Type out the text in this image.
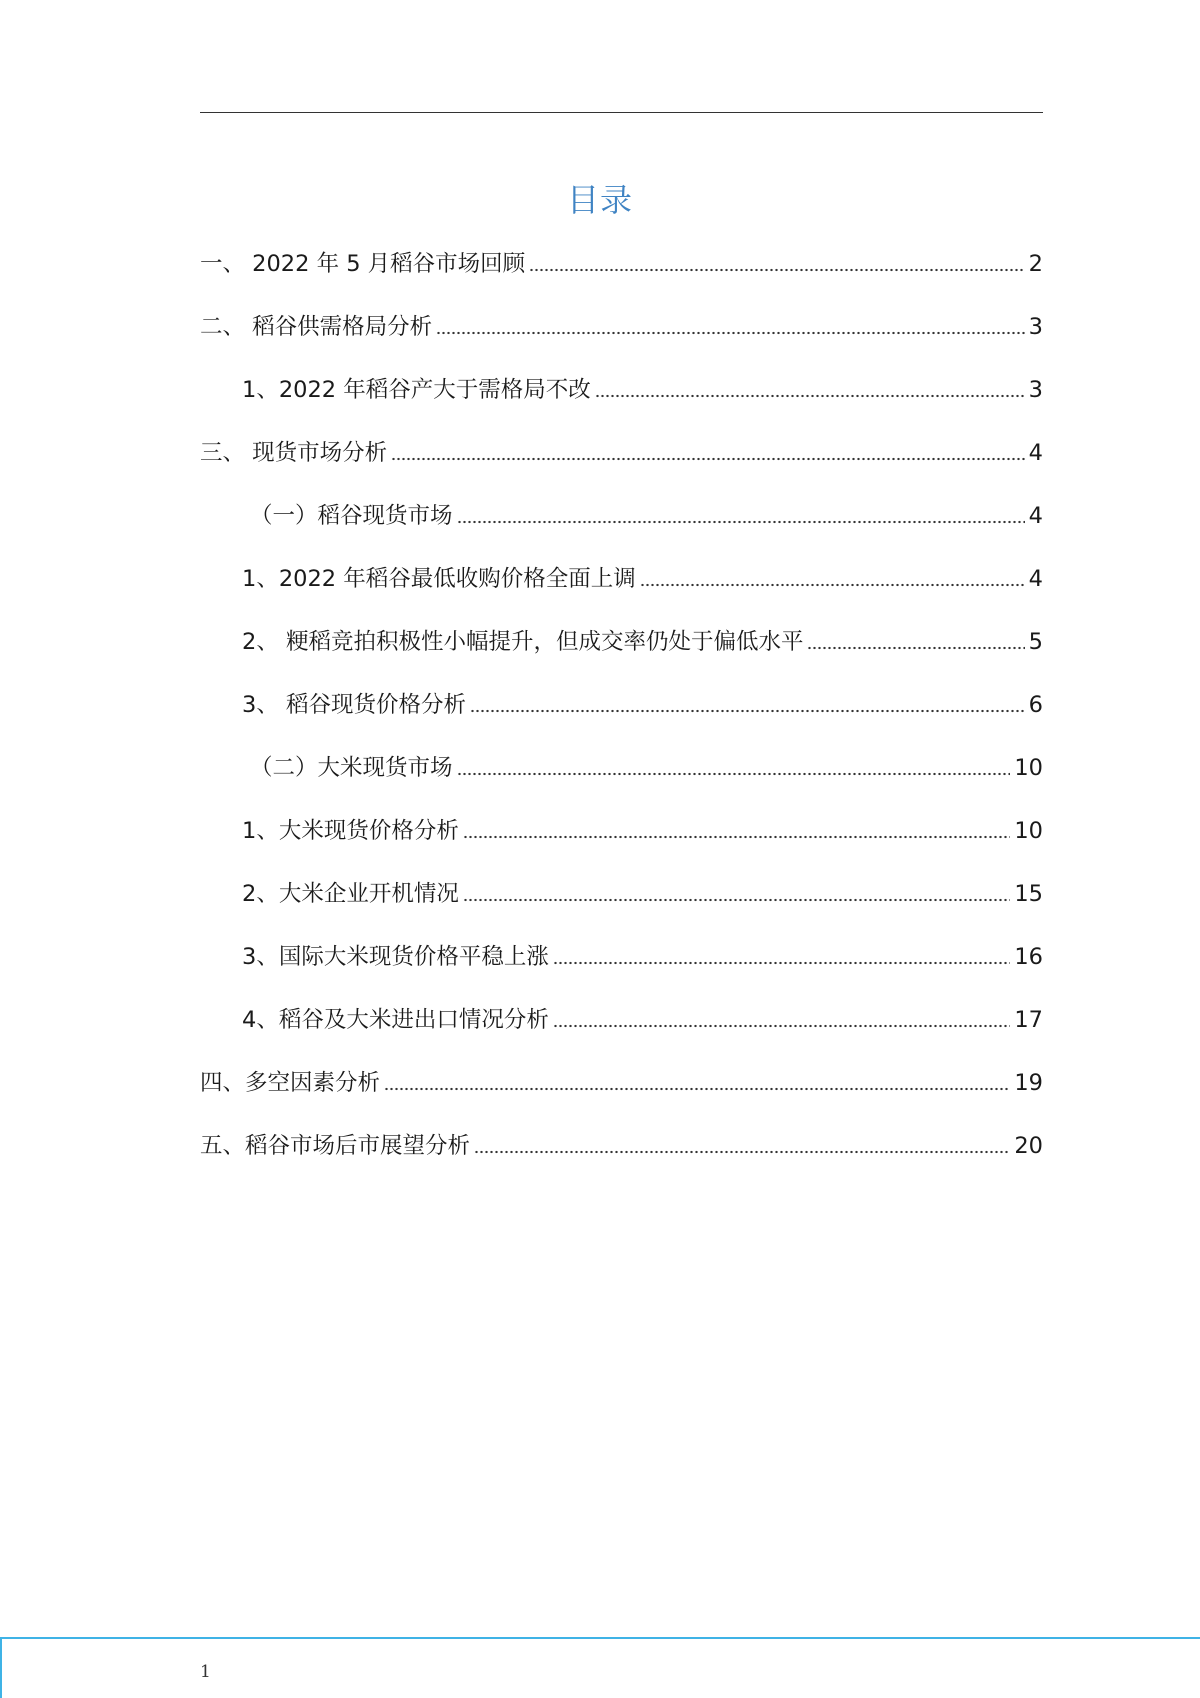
目录
一、 2022 年 5 月稻谷市场回顾	2
二、 稻谷供需格局分析	3
1、2022 年稻谷产大于需格局不改	3
三、 现货市场分析	4
（一）稻谷现货市场	4
1、2022 年稻谷最低收购价格全面上调	4
2、 粳稻竞拍积极性小幅提升，但成交率仍处于偏低水平	5
3、 稻谷现货价格分析	6
（二）大米现货市场	10
1、大米现货价格分析	10
2、大米企业开机情况	15
3、国际大米现货价格平稳上涨	16
4、稻谷及大米进出口情况分析	17
四、多空因素分析	19
五、稻谷市场后市展望分析	20
1
